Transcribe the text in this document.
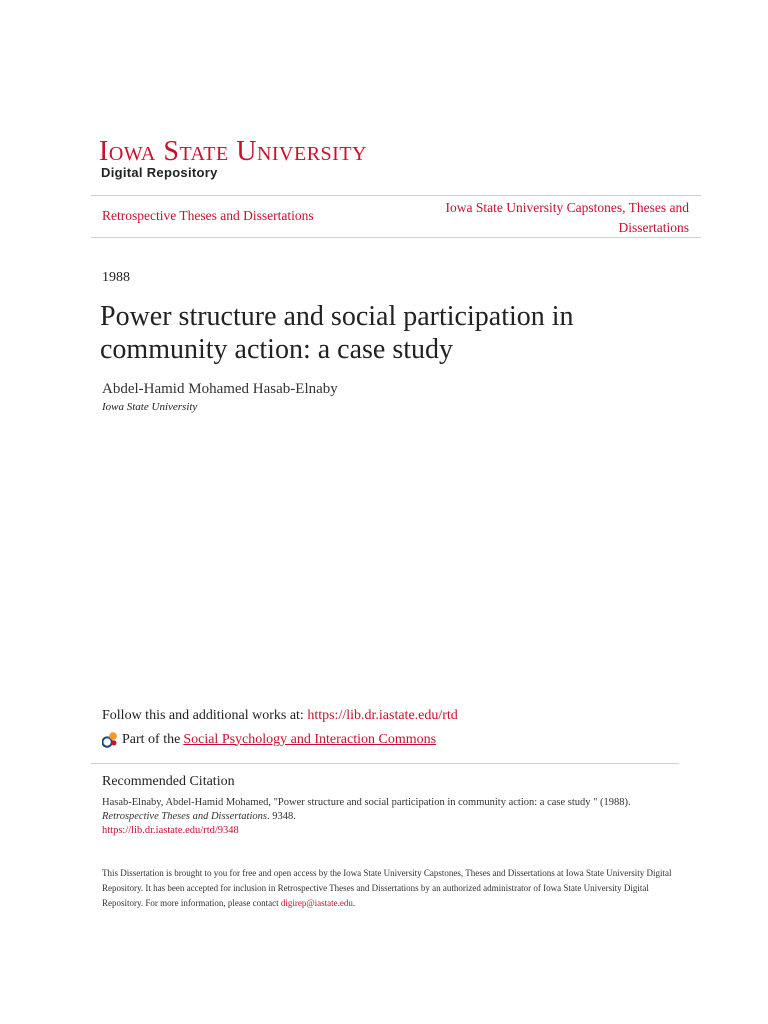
Iowa State University
Digital Repository
Retrospective Theses and Dissertations
Iowa State University Capstones, Theses and Dissertations
1988
Power structure and social participation in community action: a case study
Abdel-Hamid Mohamed Hasab-Elnaby
Iowa State University
Follow this and additional works at: https://lib.dr.iastate.edu/rtd
Part of the Social Psychology and Interaction Commons
Recommended Citation
Hasab-Elnaby, Abdel-Hamid Mohamed, "Power structure and social participation in community action: a case study " (1988).
Retrospective Theses and Dissertations. 9348.
https://lib.dr.iastate.edu/rtd/9348
This Dissertation is brought to you for free and open access by the Iowa State University Capstones, Theses and Dissertations at Iowa State University Digital Repository. It has been accepted for inclusion in Retrospective Theses and Dissertations by an authorized administrator of Iowa State University Digital Repository. For more information, please contact digirep@iastate.edu.
